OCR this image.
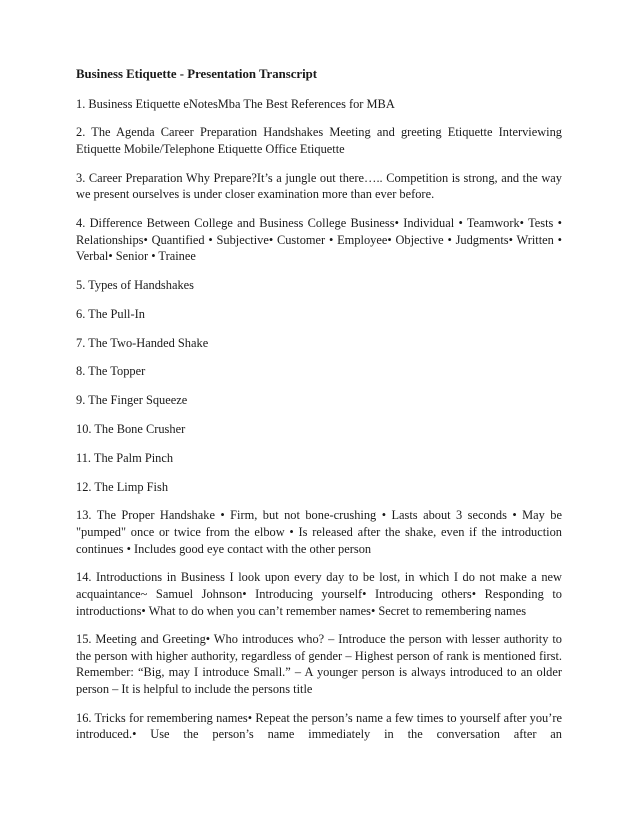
Business Etiquette - Presentation Transcript

1. Business Etiquette eNotesMba The Best References for MBA

2. The Agenda Career Preparation Handshakes Meeting and greeting Etiquette Interviewing Etiquette Mobile/Telephone Etiquette Office Etiquette

3. Career Preparation Why Prepare?It’s a jungle out there….. Competition is strong, and the way we present ourselves is under closer examination more than ever before.

4. Difference Between College and Business College Business• Individual • Teamwork• Tests • Relationships• Quantified • Subjective• Customer • Employee• Objective • Judgments• Written • Verbal• Senior • Trainee

5. Types of Handshakes

6. The Pull-In

7. The Two-Handed Shake

8. The Topper

9. The Finger Squeeze

10. The Bone Crusher

11. The Palm Pinch

12. The Limp Fish

13. The Proper Handshake • Firm, but not bone-crushing • Lasts about 3 seconds • May be "pumped" once or twice from the elbow • Is released after the shake, even if the introduction continues • Includes good eye contact with the other person

14. Introductions in Business I look upon every day to be lost, in which I do not make a new acquaintance~ Samuel Johnson• Introducing yourself• Introducing others• Responding to introductions• What to do when you can’t remember names• Secret to remembering names

15. Meeting and Greeting• Who introduces who? – Introduce the person with lesser authority to the person with higher authority, regardless of gender – Highest person of rank is mentioned first. Remember: “Big, may I introduce Small.” – A younger person is always introduced to an older person – It is helpful to include the persons title

16. Tricks for remembering names• Repeat the person’s name a few times to yourself after you’re introduced.• Use the person’s name immediately in the conversation after an
